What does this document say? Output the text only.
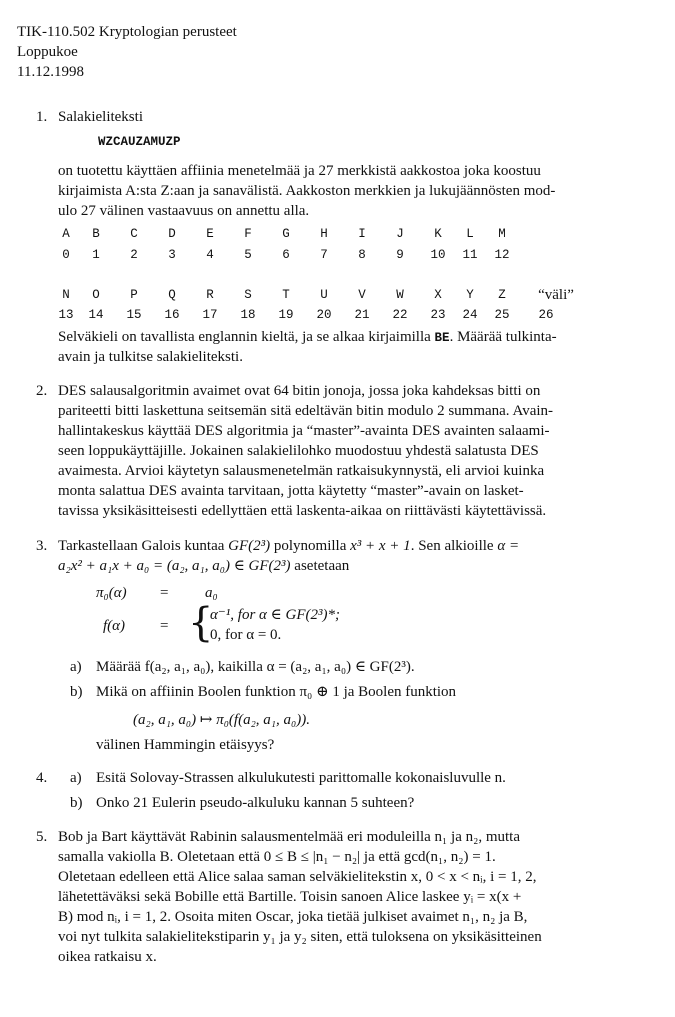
TIK-110.502 Kryptologian perusteet
Loppukoe
11.12.1998
1. Salakieliteksti
WZCAUZAMUZP
on tuotettu käyttäen affiinia menetelmää ja 27 merkkistä aakkostoa joka koostuu
kirjaimista A:sta Z:aan ja sanavälistä. Aakkoston merkkien ja lukujäännösten mod-
ulo 27 välinen vastaavuus on annettu alla.
A	B	C	D	E	F	G	H	I	J	K	L	M
0	1	2	3	4	5	6	7	8	9	10	11	12
N	O	P	Q	R	S	T	U	V	W	X	Y	Z	“väli”
13	14	15	16	17	18	19	20	21	22	23	24	25	26
Selväkieli on tavallista englannin kieltä, ja se alkaa kirjaimilla BE. Määrää tulkinta-
avain ja tulkitse salakieliteksti.
2. DES salausalgoritmin avaimet ovat 64 bitin jonoja, jossa joka kahdeksas bitti on
pariteetti bitti laskettuna seitsemän sitä edeltävän bitin modulo 2 summana. Avain-
hallintakeskus käyttää DES algoritmia ja “master”-avainta DES avainten salaami-
seen loppukäyttäjille. Jokainen salakielilohko muodostuu yhdestä salatusta DES
avaimesta. Arvioi käytetyn salausmenetelmän ratkaisukynnystä, eli arvioi kuinka
monta salattua DES avainta tarvitaan, jotta käytetty “master”-avain on lasket-
tavissa yksikäsitteisesti edellyttäen että laskenta-aikaa on riittävästi käytettävissä.
3. Tarkastellaan Galois kuntaa GF(2³) polynomilla x³ + x + 1. Sen alkioille α =
a₂x² + a₁x + a₀ = (a₂, a₁, a₀) ∈ GF(2³) asetetaan
π₀(α) = a₀
f(α) = {
α⁻¹, for α ∈ GF(2³)*;
0, for α = 0.
a) Määrää f(a₂, a₁, a₀), kaikilla α = (a₂, a₁, a₀) ∈ GF(2³).
b) Mikä on affiinin Boolen funktion π₀ ⊕ 1 ja Boolen funktion
(a₂, a₁, a₀) ↦ π₀(f(a₂, a₁, a₀)).
välinen Hammingin etäisyys?
4. a) Esitä Solovay-Strassen alkulukutesti parittomalle kokonaisluvulle n.
b) Onko 21 Eulerin pseudo-alkuluku kannan 5 suhteen?
5. Bob ja Bart käyttävät Rabinin salausmentelmää eri moduleilla n₁ ja n₂, mutta
samalla vakiolla B. Oletetaan että 0 ≤ B ≤ |n₁ − n₂| ja että gcd(n₁, n₂) = 1.
Oletetaan edelleen että Alice salaa saman selväkielitekstin x, 0 < x < nᵢ, i = 1, 2,
lähetettäväksi sekä Bobille että Bartille. Toisin sanoen Alice laskee yᵢ = x(x +
B) mod nᵢ, i = 1, 2. Osoita miten Oscar, joka tietää julkiset avaimet n₁, n₂ ja B,
voi nyt tulkita salakielitekstiparin y₁ ja y₂ siten, että tuloksena on yksikäsitteinen
oikea ratkaisu x.
